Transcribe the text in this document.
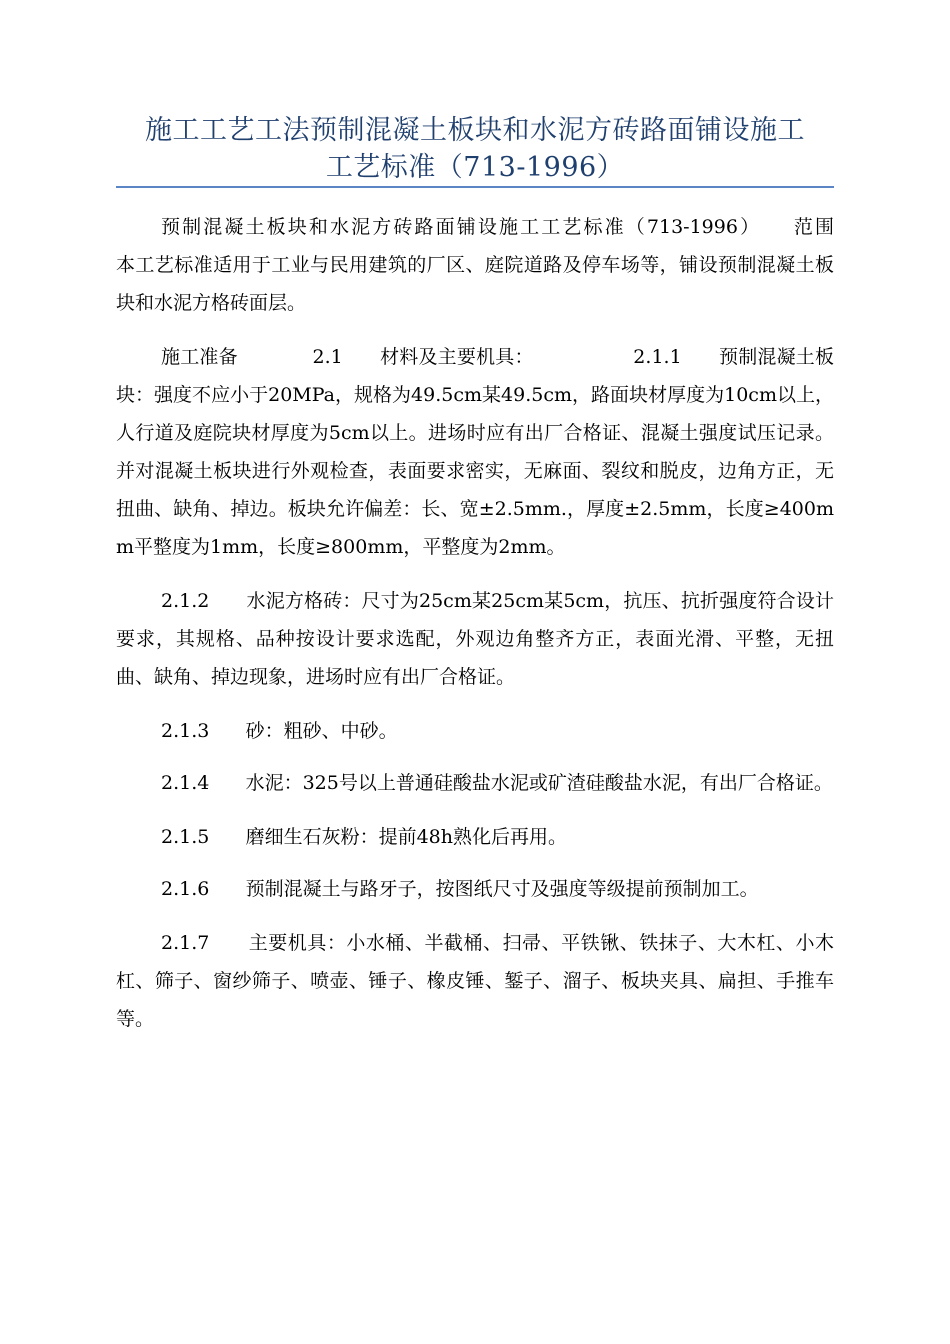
施工工艺工法预制混凝土板块和水泥方砖路面铺设施工
工艺标准（713-1996）

预制混凝土板块和水泥方砖路面铺设施工工艺标准（713-1996）    范围            本工艺标准适用于工业与民用建筑的厂区、庭院道路及停车场等，铺设预制混凝土板块和水泥方格砖面层。

施工准备            2.1      材料及主要机具：                2.1.1      预制混凝土板块：强度不应小于20MPa，规格为49.5cm某49.5cm，路面块材厚度为10cm以上，人行道及庭院块材厚度为5cm以上。进场时应有出厂合格证、混凝土强度试压记录。并对混凝土板块进行外观检查，表面要求密实，无麻面、裂纹和脱皮，边角方正，无扭曲、缺角、掉边。板块允许偏差：长、宽±2.5mm.，厚度±2.5mm，长度≥400mm平整度为1mm，长度≥800mm，平整度为2mm。

2.1.2      水泥方格砖：尺寸为25cm某25cm某5cm，抗压、抗折强度符合设计要求，其规格、品种按设计要求选配，外观边角整齐方正，表面光滑、平整，无扭曲、缺角、掉边现象，进场时应有出厂合格证。

2.1.3      砂：粗砂、中砂。

2.1.4      水泥：325号以上普通硅酸盐水泥或矿渣硅酸盐水泥，有出厂合格证。

2.1.5      磨细生石灰粉：提前48h熟化后再用。

2.1.6      预制混凝土与路牙子，按图纸尺寸及强度等级提前预制加工。

2.1.7      主要机具：小水桶、半截桶、扫帚、平铁锹、铁抹子、大木杠、小木杠、筛子、窗纱筛子、喷壶、锤子、橡皮锤、錾子、溜子、板块夹具、扁担、手推车等。
